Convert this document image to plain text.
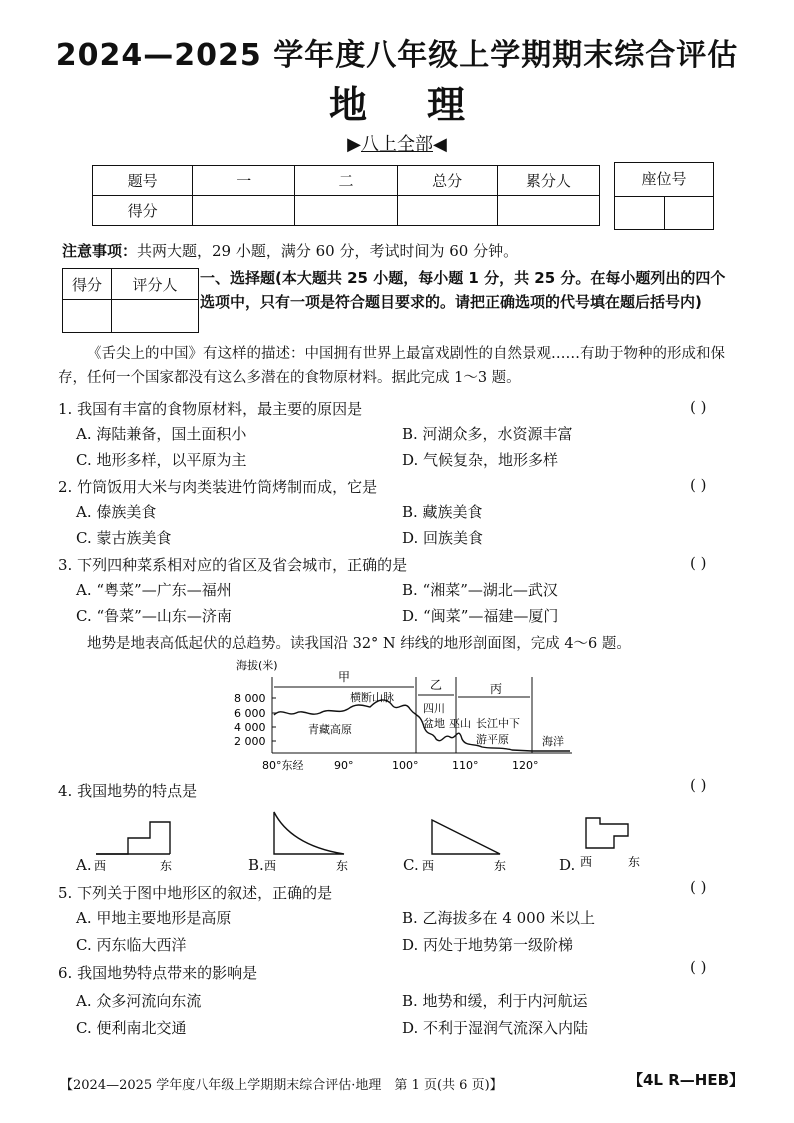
2024—2025 学年度八年级上学期期末综合评估
地理
▶八上全部◀
题号	一	二	总分	累分人
得分				
座位号
注意事项：共两大题，29 小题，满分 60 分，考试时间为 60 分钟。
得分	评分人
	一、选择题(本大题共 25 小题，每小题 1 分，共 25 分。在每小题列出的四个选项中，只有一项是符合题目要求的。请把正确选项的代号填在题后括号内)
《舌尖上的中国》有这样的描述：中国拥有世界上最富戏剧性的自然景观……有助于物种的形成和保存，任何一个国家都没有这么多潜在的食物原材料。据此完成 1～3 题。
1. 我国有丰富的食物原材料，最主要的原因是	( )
A. 海陆兼备，国土面积小	B. 河湖众多，水资源丰富
C. 地形多样，以平原为主	D. 气候复杂，地形多样
2. 竹筒饭用大米与肉类装进竹筒烤制而成，它是	( )
A. 傣族美食	B. 藏族美食
C. 蒙古族美食	D. 回族美食
3. 下列四种菜系相对应的省区及省会城市，正确的是	( )
A. “粤菜”—广东—福州	B. “湘菜”—湖北—武汉
C. “鲁菜”—山东—济南	D. “闽菜”—福建—厦门
地势是地表高低起伏的总趋势。读我国沿 32° N 纬线的地形剖面图，完成 4～6 题。
海拔(米)
8 000
6 000
4 000
2 000
甲
乙	丙
横断山脉
青藏高原
四川
盆地 巫山 长江中下
游平原	海洋
80°东经	90°	100°	110°	120°
4. 我国地势的特点是	( )
A. 西	东	B. 西	东	C. 西	东	D. 西	东
5. 下列关于图中地形区的叙述，正确的是	( )
A. 甲地主要地形是高原	B. 乙海拔多在 4 000 米以上
C. 丙东临大西洋	D. 丙处于地势第一级阶梯
6. 我国地势特点带来的影响是	( )
A. 众多河流向东流	B. 地势和缓，利于内河航运
C. 便利南北交通	D. 不利于湿润气流深入内陆
【2024—2025 学年度八年级上学期期末综合评估·地理　第 1 页(共 6 页)】	【4L R—HEB】
